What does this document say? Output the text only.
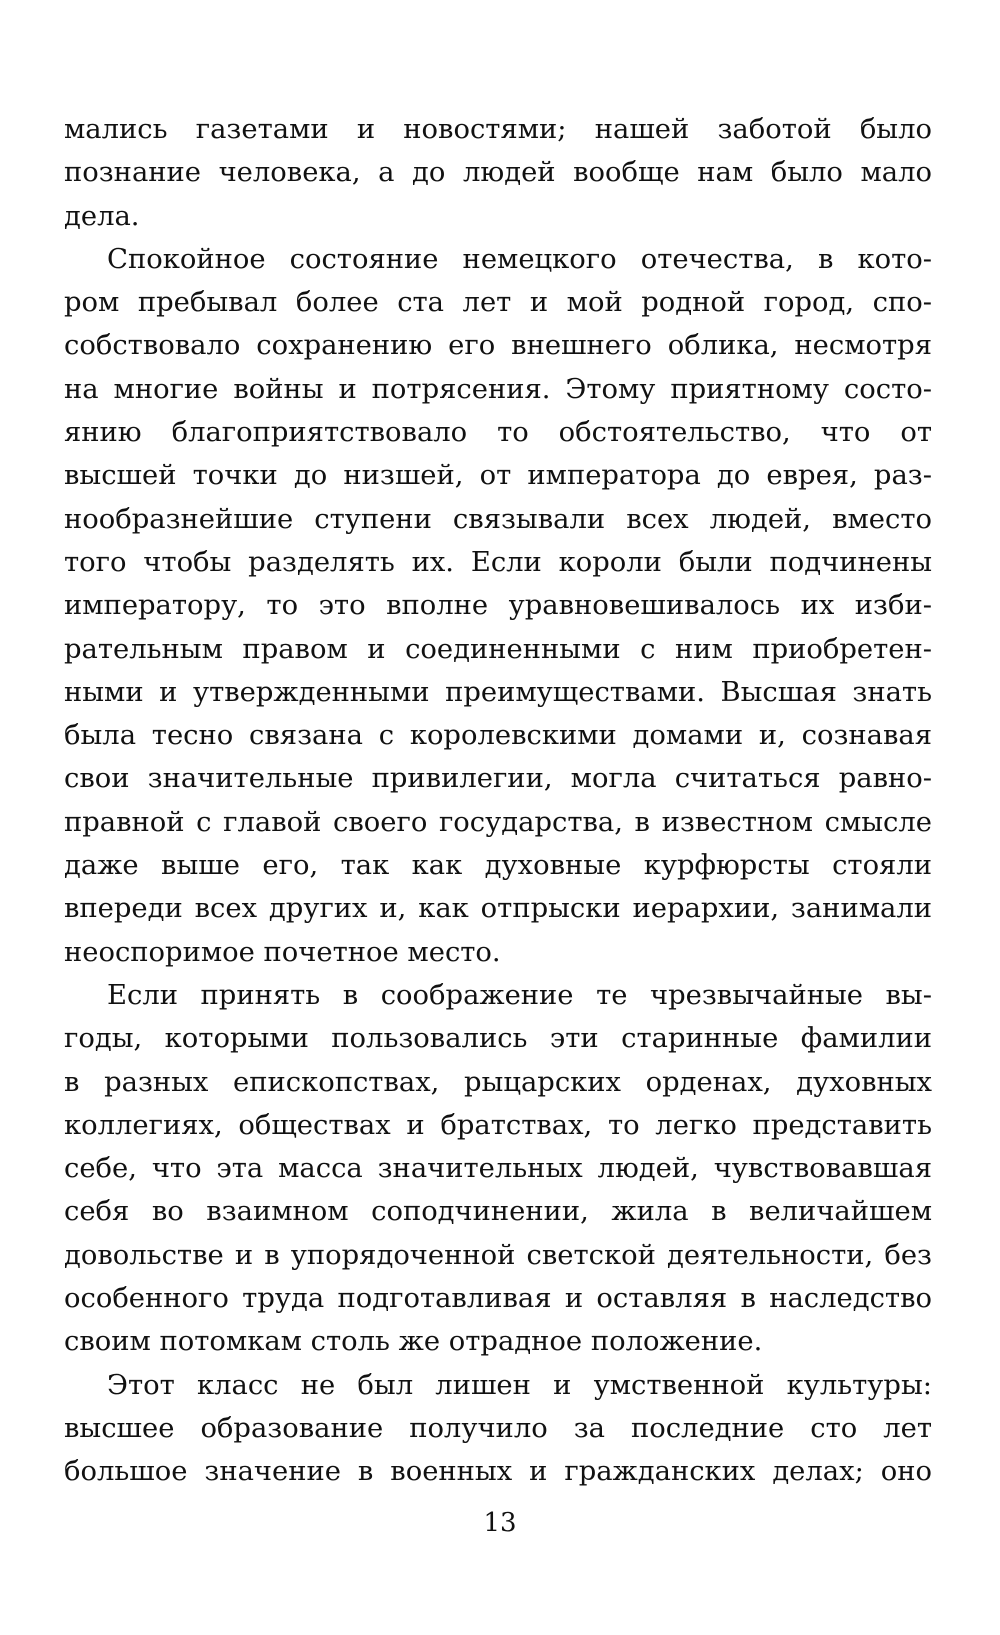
мались газетами и новостями; нашей заботой было
познание человека, а до людей вообще нам было мало
дела.
Спокойное состояние немецкого отечества, в кото-
ром пребывал более ста лет и мой родной город, спо-
собствовало сохранению его внешнего облика, несмотря
на многие войны и потрясения. Этому приятному состо-
янию благоприятствовало то обстоятельство, что от
высшей точки до низшей, от императора до еврея, раз-
нообразнейшие ступени связывали всех людей, вместо
того чтобы разделять их. Если короли были подчинены
императору, то это вполне уравновешивалось их изби-
рательным правом и соединенными с ним приобретен-
ными и утвержденными преимуществами. Высшая знать
была тесно связана с королевскими домами и, сознавая
свои значительные привилегии, могла считаться равно-
правной с главой своего государства, в известном смысле
даже выше его, так как духовные курфюрсты стояли
впереди всех других и, как отпрыски иерархии, занимали
неоспоримое почетное место.
Если принять в соображение те чрезвычайные вы-
годы, которыми пользовались эти старинные фамилии
в разных епископствах, рыцарских орденах, духовных
коллегиях, обществах и братствах, то легко представить
себе, что эта масса значительных людей, чувствовавшая
себя во взаимном соподчинении, жила в величайшем
довольстве и в упорядоченной светской деятельности, без
особенного труда подготавливая и оставляя в наследство
своим потомкам столь же отрадное положение.
Этот класс не был лишен и умственной культуры:
высшее образование получило за последние сто лет
большое значение в военных и гражданских делах; оно
13
